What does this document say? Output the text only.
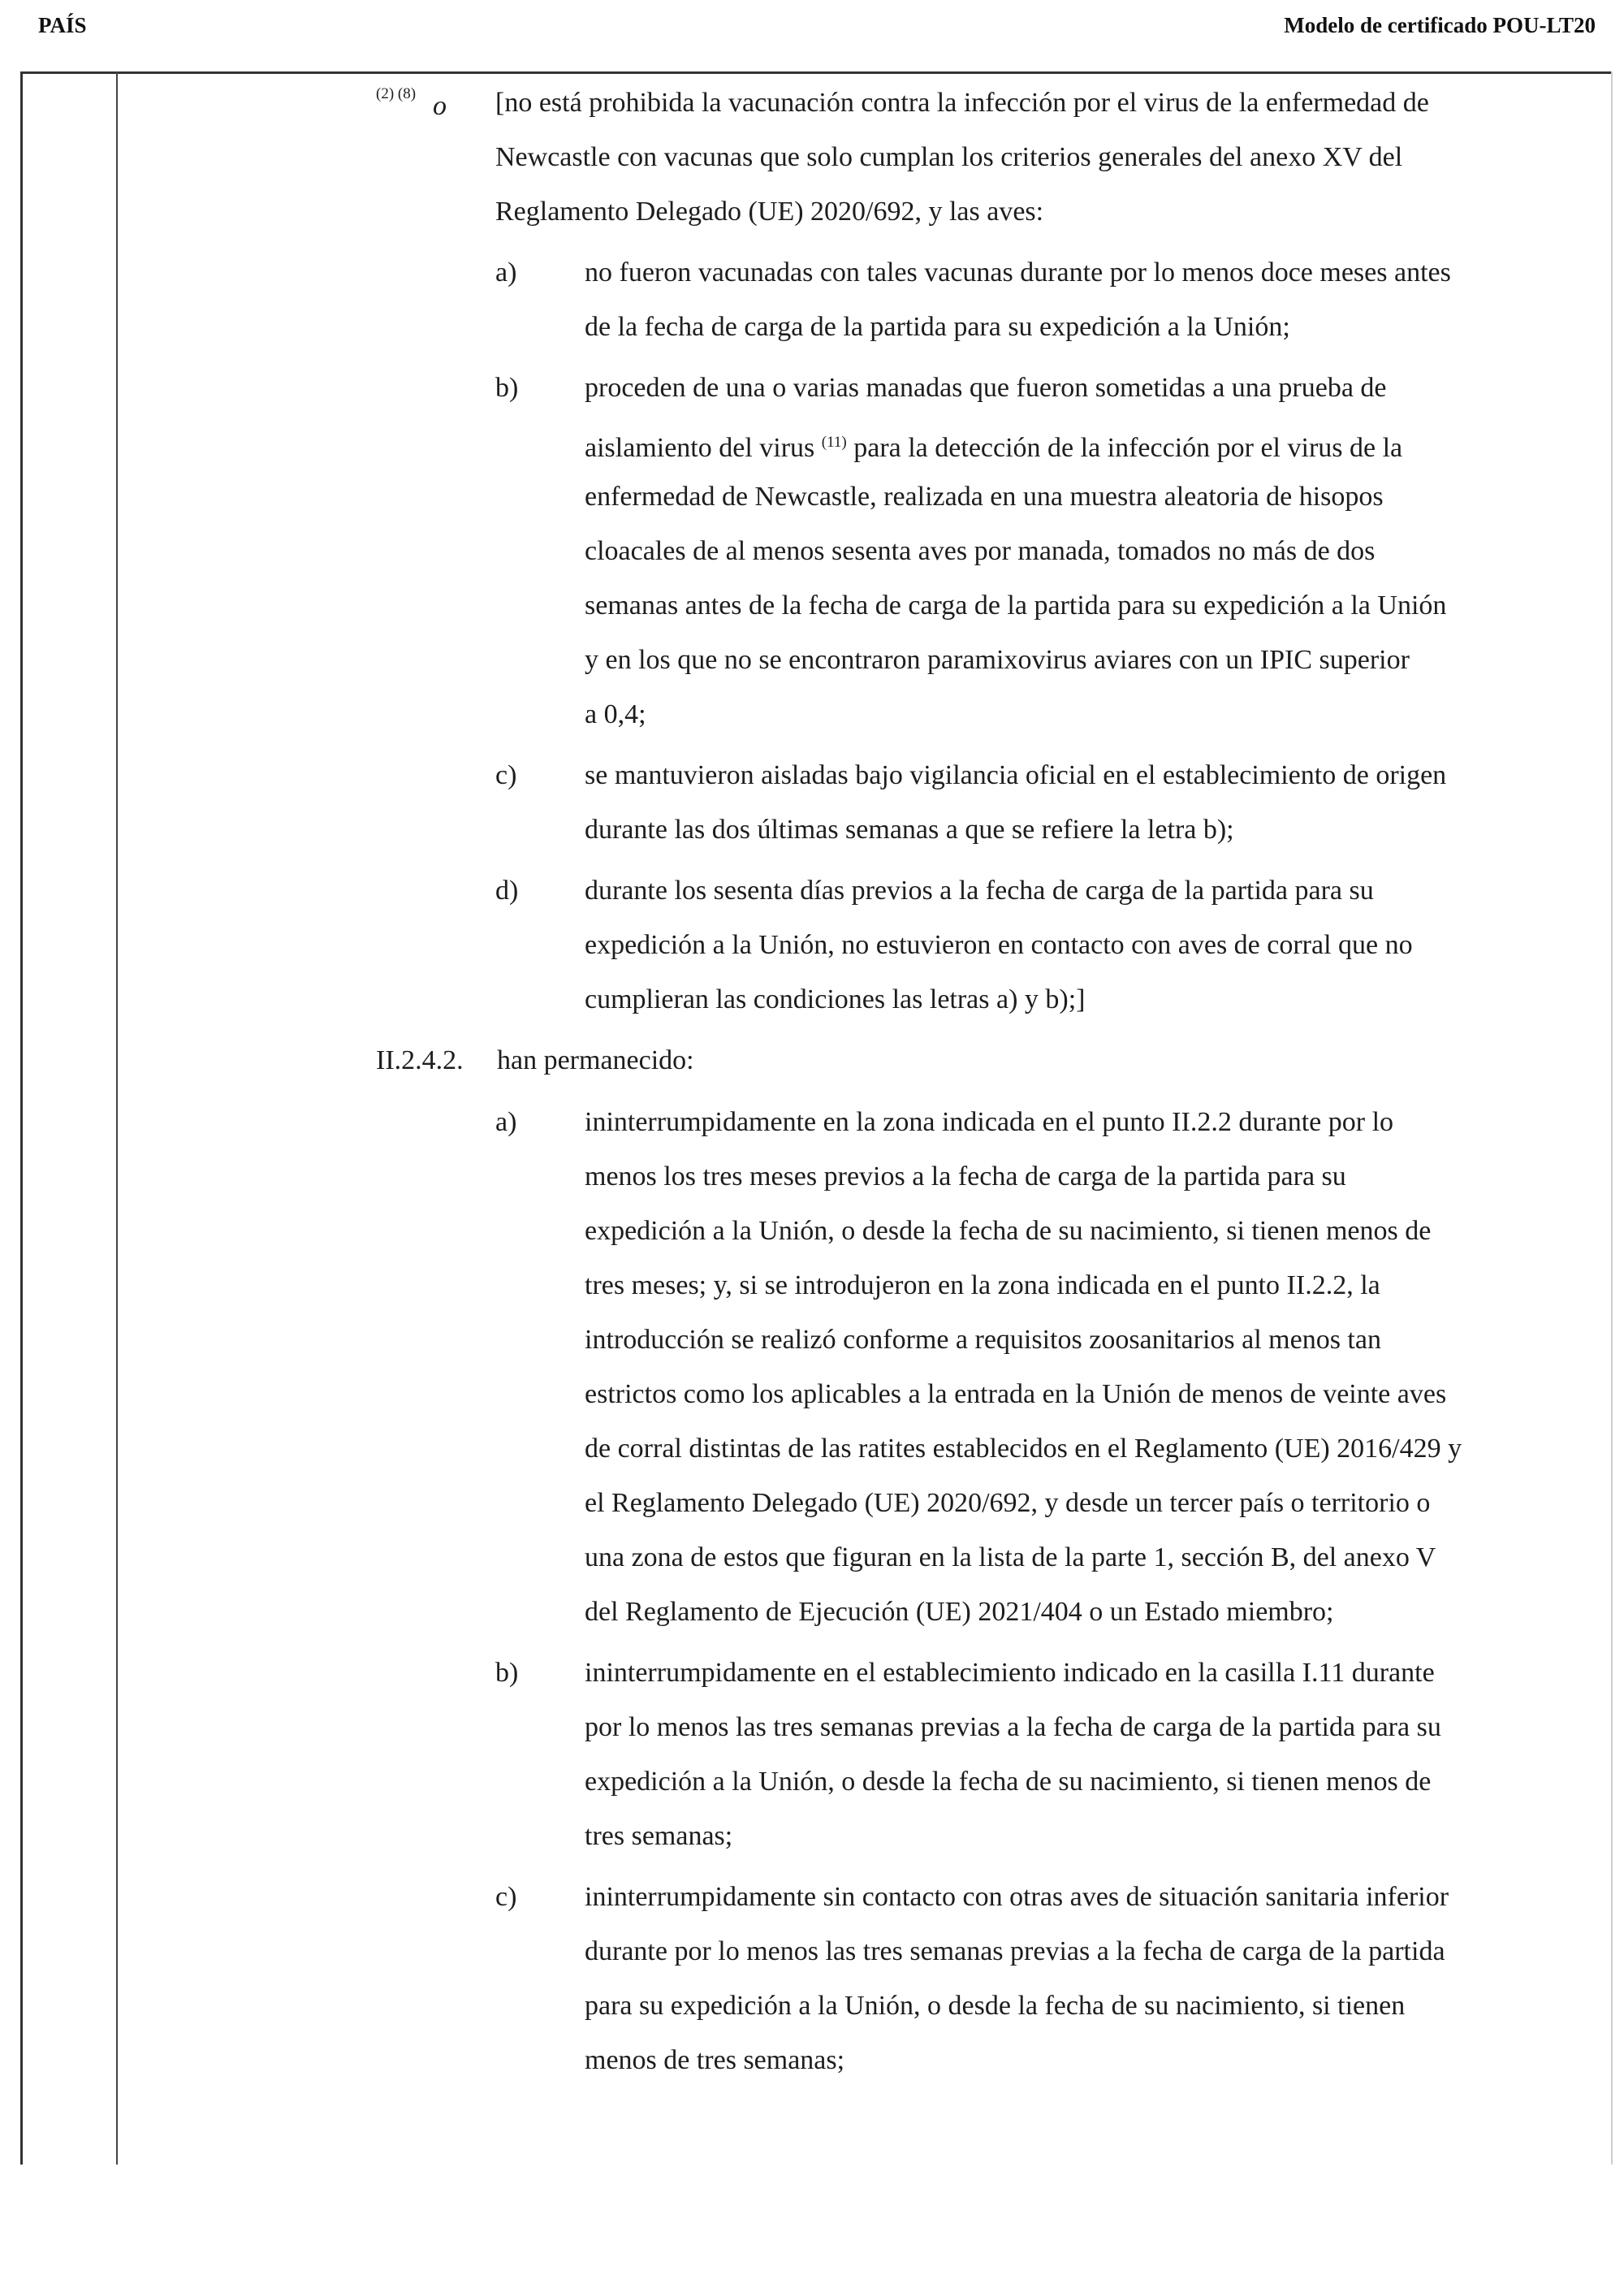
PAÍS	Modelo de certificado POU-LT20
(2) (8) o [no está prohibida la vacunación contra la infección por el virus de la enfermedad de
Newcastle con vacunas que solo cumplan los criterios generales del anexo XV del
Reglamento Delegado (UE) 2020/692, y las aves:
a) no fueron vacunadas con tales vacunas durante por lo menos doce meses antes
de la fecha de carga de la partida para su expedición a la Unión;
b) proceden de una o varias manadas que fueron sometidas a una prueba de
aislamiento del virus $^{(11)}$ para la detección de la infección por el virus de la
enfermedad de Newcastle, realizada en una muestra aleatoria de hisopos
cloacales de al menos sesenta aves por manada, tomados no más de dos
semanas antes de la fecha de carga de la partida para su expedición a la Unión
y en los que no se encontraron paramixovirus aviares con un IPIC superior
a 0,4;
c) se mantuvieron aisladas bajo vigilancia oficial en el establecimiento de origen
durante las dos últimas semanas a que se refiere la letra b);
d) durante los sesenta días previos a la fecha de carga de la partida para su
expedición a la Unión, no estuvieron en contacto con aves de corral que no
cumplieran las condiciones las letras a) y b);]
II.2.4.2. han permanecido:
a) ininterrumpidamente en la zona indicada en el punto II.2.2 durante por lo
menos los tres meses previos a la fecha de carga de la partida para su
expedición a la Unión, o desde la fecha de su nacimiento, si tienen menos de
tres meses; y, si se introdujeron en la zona indicada en el punto II.2.2, la
introducción se realizó conforme a requisitos zoosanitarios al menos tan
estrictos como los aplicables a la entrada en la Unión de menos de veinte aves
de corral distintas de las ratites establecidos en el Reglamento (UE) 2016/429 y
el Reglamento Delegado (UE) 2020/692, y desde un tercer país o territorio o
una zona de estos que figuran en la lista de la parte 1, sección B, del anexo V
del Reglamento de Ejecución (UE) 2021/404 o un Estado miembro;
b) ininterrumpidamente en el establecimiento indicado en la casilla I.11 durante
por lo menos las tres semanas previas a la fecha de carga de la partida para su
expedición a la Unión, o desde la fecha de su nacimiento, si tienen menos de
tres semanas;
c) ininterrumpidamente sin contacto con otras aves de situación sanitaria inferior
durante por lo menos las tres semanas previas a la fecha de carga de la partida
para su expedición a la Unión, o desde la fecha de su nacimiento, si tienen
menos de tres semanas;
